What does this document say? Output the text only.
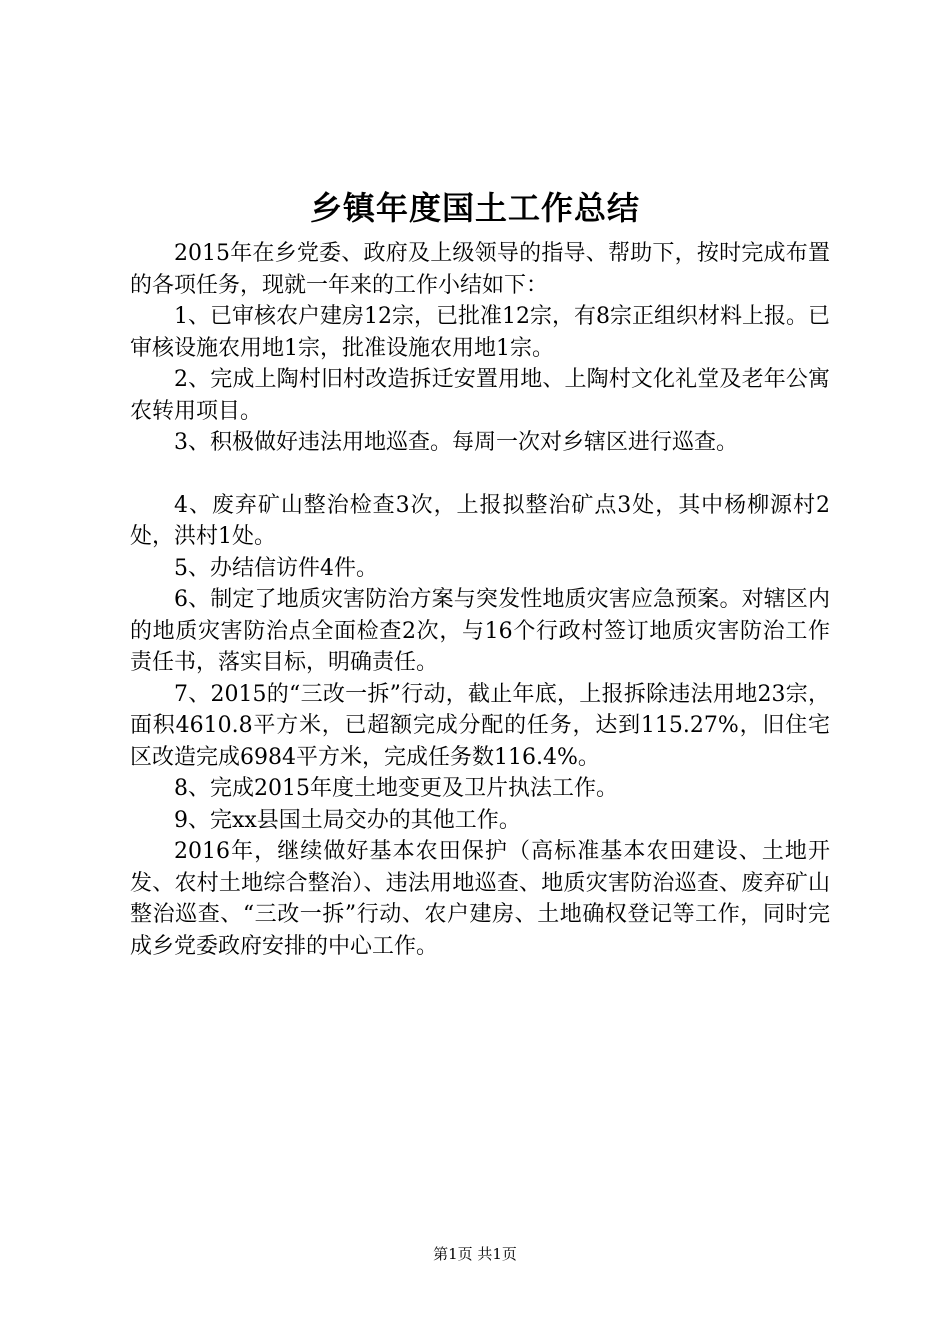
乡镇年度国土工作总结

2015年在乡党委、政府及上级领导的指导、帮助下，按时完成布置的各项任务，现就一年来的工作小结如下：

1、已审核农户建房12宗，已批准12宗，有8宗正组织材料上报。已审核设施农用地1宗，批准设施农用地1宗。

2、完成上陶村旧村改造拆迁安置用地、上陶村文化礼堂及老年公寓农转用项目。

3、积极做好违法用地巡查。每周一次对乡辖区进行巡查。

4、废弃矿山整治检查3次，上报拟整治矿点3处，其中杨柳源村2处，洪村1处。

5、办结信访件4件。

6、制定了地质灾害防治方案与突发性地质灾害应急预案。对辖区内的地质灾害防治点全面检查2次，与16个行政村签订地质灾害防治工作责任书，落实目标，明确责任。

7、2015的“三改一拆”行动，截止年底，上报拆除违法用地23宗，面积4610.8平方米，已超额完成分配的任务，达到115.27%，旧住宅区改造完成6984平方米，完成任务数116.4%。

8、完成2015年度土地变更及卫片执法工作。

9、完xx县国土局交办的其他工作。

2016年，继续做好基本农田保护（高标准基本农田建设、土地开发、农村土地综合整治）、违法用地巡查、地质灾害防治巡查、废弃矿山整治巡查、“三改一拆”行动、农户建房、土地确权登记等工作，同时完成乡党委政府安排的中心工作。

第1页 共1页
